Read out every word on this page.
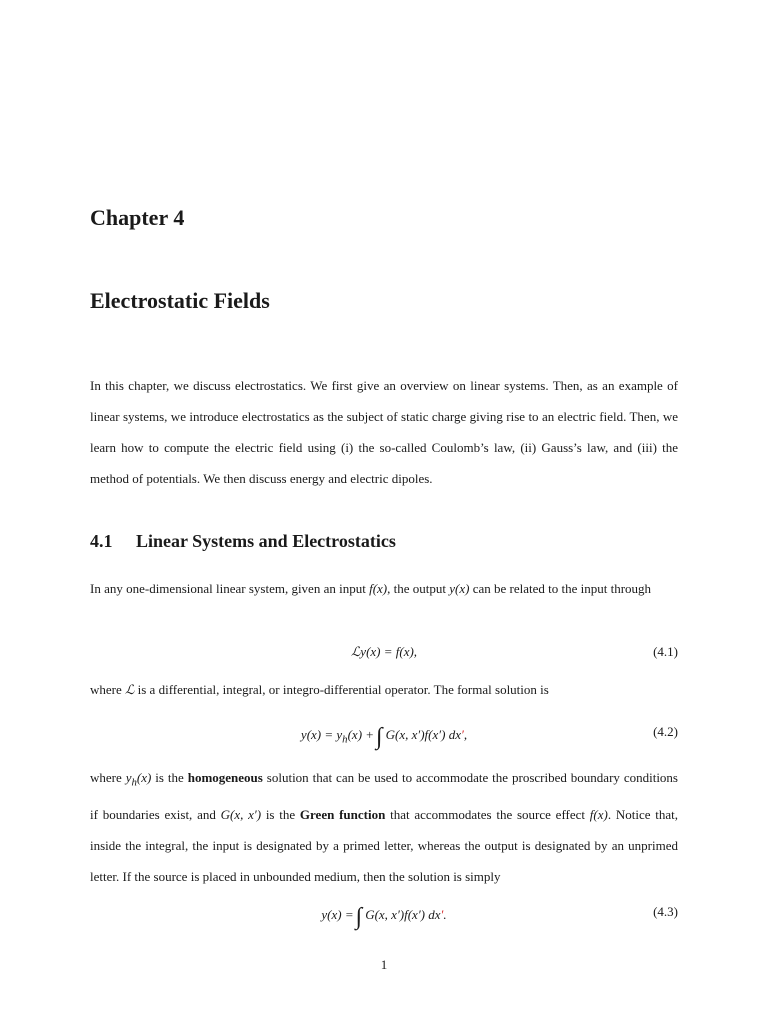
Chapter 4
Electrostatic Fields

In this chapter, we discuss electrostatics. We first give an overview on linear systems. Then, as an example of linear systems, we introduce electrostatics as the subject of static charge giving rise to an electric field. Then, we learn how to compute the electric field using (i) the so-called Coulomb’s law, (ii) Gauss’s law, and (iii) the method of potentials. We then discuss energy and electric dipoles.

4.1 Linear Systems and Electrostatics

In any one-dimensional linear system, given an input f(x), the output y(x) can be related to the input through

ℒy(x) = f(x),	(4.1)

where ℒ is a differential, integral, or integro-differential operator. The formal solution is

$y(x) = y_h(x)$ +∫ G(x, x′)f(x′) dx′,	(4.2)

where $y_h(x)$ is the homogeneous solution that can be used to accommodate the proscribed boundary conditions if boundaries exist, and G(x, x′) is the Green function that accommodates the source effect f(x). Notice that, inside the integral, the input is designated by a primed letter, whereas the output is designated by an unprimed letter. If the source is placed in unbounded medium, then the solution is simply

y(x) =∫ G(x, x′)f(x′) dx′.	(4.3)
1
